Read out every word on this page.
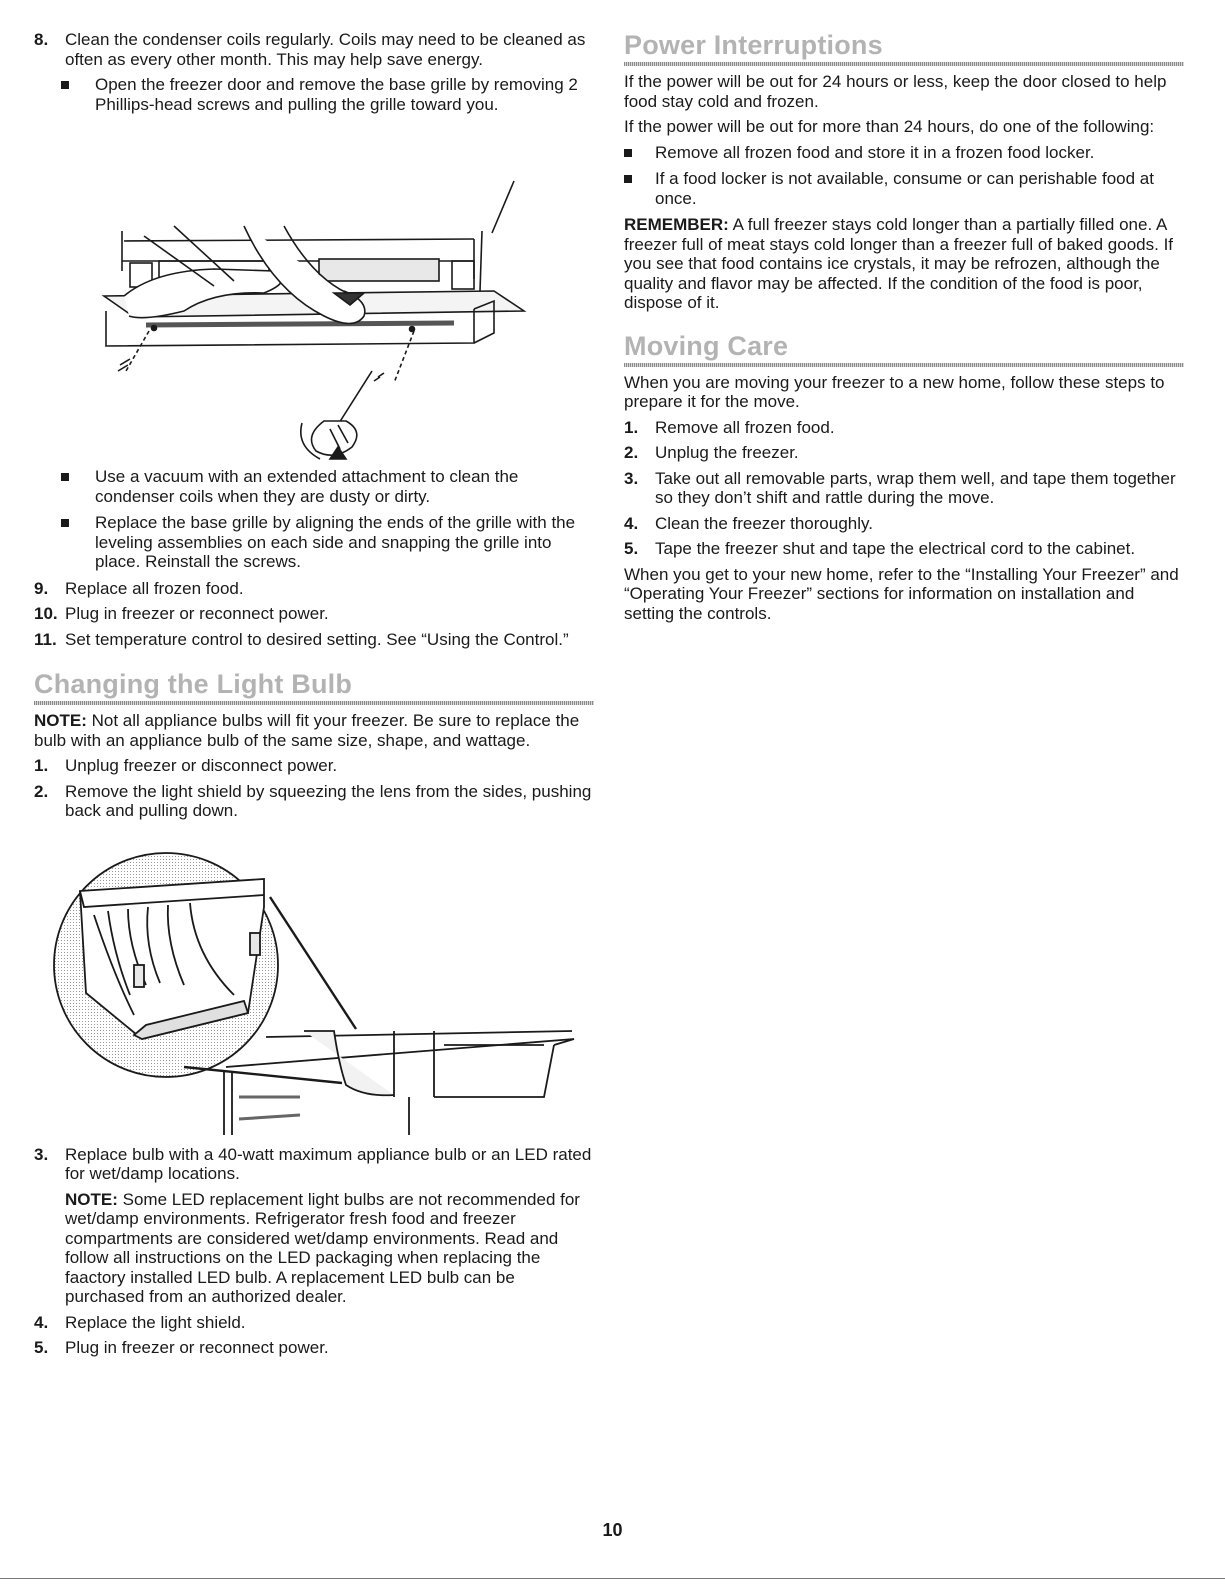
8. Clean the condenser coils regularly. Coils may need to be cleaned as often as every other month. This may help save energy.
Open the freezer door and remove the base grille by removing 2 Phillips-head screws and pulling the grille toward you.
Use a vacuum with an extended attachment to clean the condenser coils when they are dusty or dirty.
Replace the base grille by aligning the ends of the grille with the leveling assemblies on each side and snapping the grille into place. Reinstall the screws.
9. Replace all frozen food.
10. Plug in freezer or reconnect power.
11. Set temperature control to desired setting. See “Using the Control.”
Changing the Light Bulb

NOTE: Not all appliance bulbs will fit your freezer. Be sure to replace the bulb with an appliance bulb of the same size, shape, and wattage.

1. Unplug freezer or disconnect power.
2. Remove the light shield by squeezing the lens from the sides, pushing back and pulling down.
3. Replace bulb with a 40-watt maximum appliance bulb or an LED rated for wet/damp locations.
NOTE: Some LED replacement light bulbs are not recommended for wet/damp environments. Refrigerator fresh food and freezer compartments are considered wet/damp environments. Read and follow all instructions on the LED packaging when replacing the faactory installed LED bulb. A replacement LED bulb can be purchased from an authorized dealer.
4. Replace the light shield.
5. Plug in freezer or reconnect power.
Power Interruptions

If the power will be out for 24 hours or less, keep the door closed to help food stay cold and frozen.

If the power will be out for more than 24 hours, do one of the following:

Remove all frozen food and store it in a frozen food locker.
If a food locker is not available, consume or can perishable food at once.

REMEMBER: A full freezer stays cold longer than a partially filled one. A freezer full of meat stays cold longer than a freezer full of baked goods. If you see that food contains ice crystals, it may be refrozen, although the quality and flavor may be affected. If the condition of the food is poor, dispose of it.

Moving Care

When you are moving your freezer to a new home, follow these steps to prepare it for the move.

1. Remove all frozen food.
2. Unplug the freezer.
3. Take out all removable parts, wrap them well, and tape them together so they don’t shift and rattle during the move.
4. Clean the freezer thoroughly.
5. Tape the freezer shut and tape the electrical cord to the cabinet.

When you get to your new home, refer to the “Installing Your Freezer” and “Operating Your Freezer” sections for information on installation and setting the controls.

10
